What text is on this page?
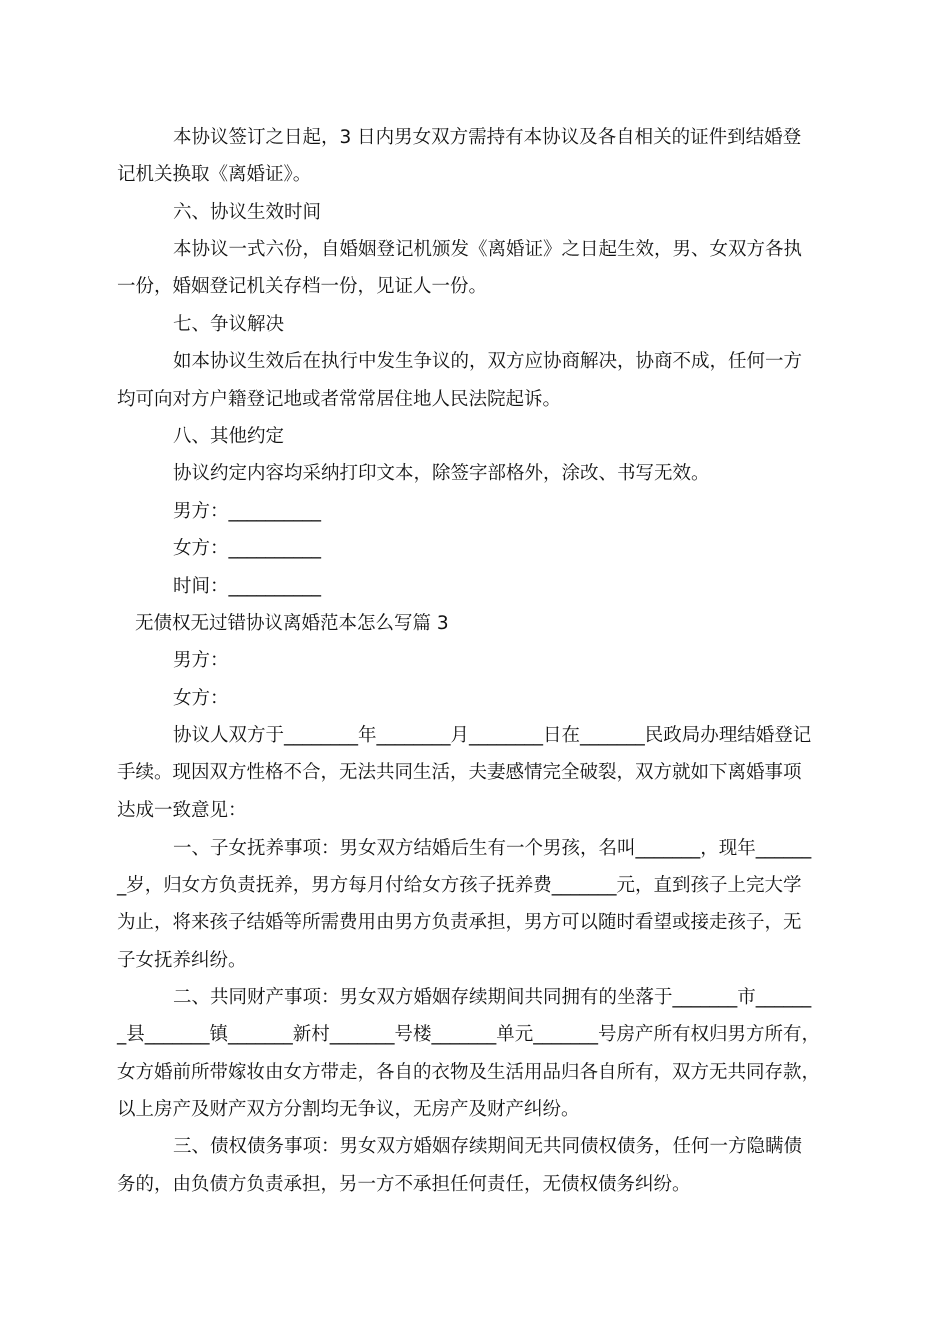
本协议签订之日起，3 日内男女双方需持有本协议及各自相关的证件到结婚登
记机关换取《离婚证》。
六、协议生效时间
本协议一式六份，自婚姻登记机颁发《离婚证》之日起生效，男、女双方各执
一份，婚姻登记机关存档一份，见证人一份。
七、争议解决
如本协议生效后在执行中发生争议的，双方应协商解决，协商不成，任何一方
均可向对方户籍登记地或者常常居住地人民法院起诉。
八、其他约定
协议约定内容均采纳打印文本，除签字部格外，涂改、书写无效。
男方：__________
女方：__________
时间：__________
无债权无过错协议离婚范本怎么写篇 3
男方：
女方：
协议人双方于________年________月________日在_______民政局办理结婚登记
手续。现因双方性格不合，无法共同生活，夫妻感情完全破裂，双方就如下离婚事项
达成一致意见：
一、子女抚养事项：男女双方结婚后生有一个男孩，名叫_______，现年______
_岁，归女方负责抚养，男方每月付给女方孩子抚养费_______元，直到孩子上完大学
为止，将来孩子结婚等所需费用由男方负责承担，男方可以随时看望或接走孩子，无
子女抚养纠纷。
二、共同财产事项：男女双方婚姻存续期间共同拥有的坐落于_______市______
_县_______镇_______新村_______号楼_______单元_______号房产所有权归男方所有，
女方婚前所带嫁妆由女方带走，各自的衣物及生活用品归各自所有，双方无共同存款，
以上房产及财产双方分割均无争议，无房产及财产纠纷。
三、债权债务事项：男女双方婚姻存续期间无共同债权债务，任何一方隐瞒债
务的，由负债方负责承担，另一方不承担任何责任，无债权债务纠纷。
